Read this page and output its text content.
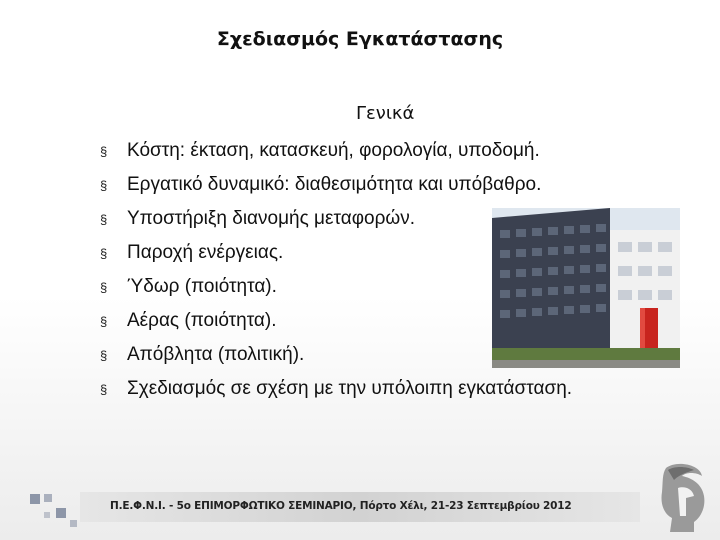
Σχεδιασμός Εγκατάστασης
Γενικά
§	Κόστη: έκταση, κατασκευή, φορολογία, υποδομή.
§	Εργατικό δυναμικό: διαθεσιμότητα και υπόβαθρο.
§	Υποστήριξη διανομής μεταφορών.
§	Παροχή ενέργειας.
§	Ύδωρ (ποιότητα).
§	Αέρας (ποιότητα).
§	Απόβλητα (πολιτική).
§	Σχεδιασμός σε σχέση με την υπόλοιπη εγκατάσταση.
Π.Ε.Φ.Ν.Ι. - 5ο ΕΠΙΜΟΡΦΩΤΙΚΟ ΣΕΜΙΝΑΡΙΟ, Πόρτο Χέλι, 21-23 Σεπτεμβρίου 2012
